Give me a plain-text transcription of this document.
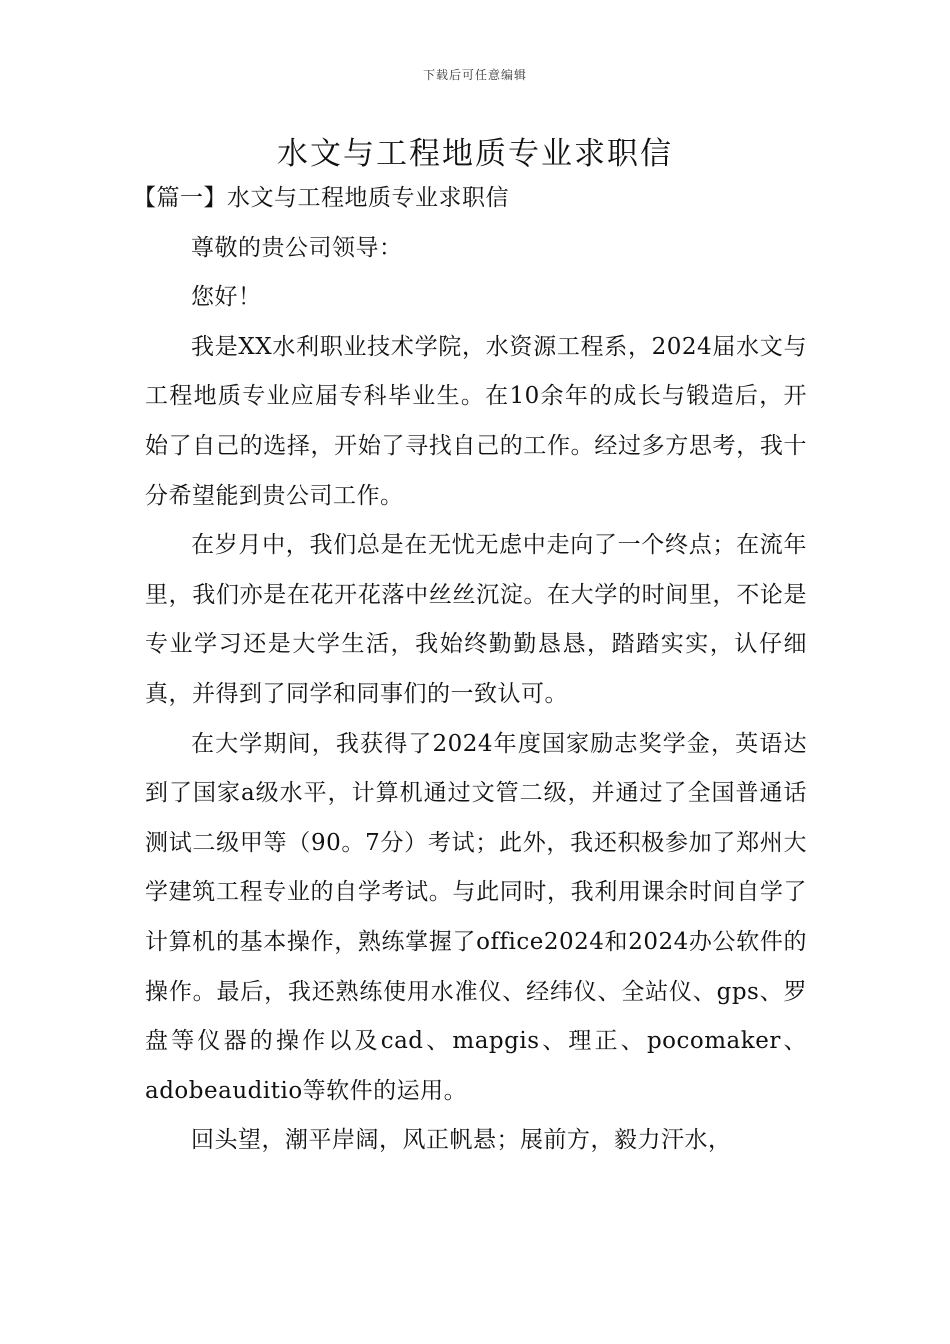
下载后可任意编辑
水文与工程地质专业求职信

【篇一】水文与工程地质专业求职信

尊敬的贵公司领导：

您好！

我是XX水利职业技术学院，水资源工程系，2024届水文与工程地质专业应届专科毕业生。在10余年的成长与锻造后，开始了自己的选择，开始了寻找自己的工作。经过多方思考，我十分希望能到贵公司工作。

在岁月中，我们总是在无忧无虑中走向了一个终点；在流年里，我们亦是在花开花落中丝丝沉淀。在大学的时间里，不论是专业学习还是大学生活，我始终勤勤恳恳，踏踏实实，认仔细真，并得到了同学和同事们的一致认可。

在大学期间，我获得了2024年度国家励志奖学金，英语达到了国家a级水平，计算机通过文管二级，并通过了全国普通话测试二级甲等（90。7分）考试；此外，我还积极参加了郑州大学建筑工程专业的自学考试。与此同时，我利用课余时间自学了计算机的基本操作，熟练掌握了office2024和2024办公软件的操作。最后，我还熟练使用水准仪、经纬仪、全站仪、gps、罗盘等仪器的操作以及cad、mapgis、理正、pocomaker、adobeauditio等软件的运用。

回头望，潮平岸阔，风正帆悬；展前方，毅力汗水，
